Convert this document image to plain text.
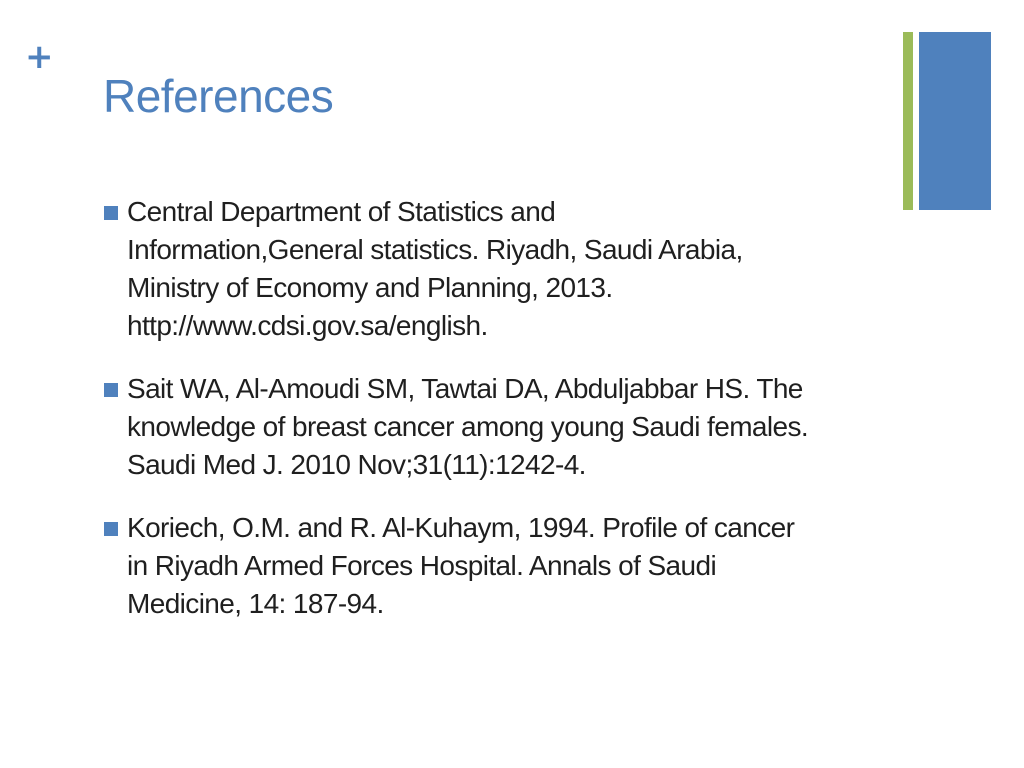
+
References
Central Department of Statistics and
Information,General statistics. Riyadh, Saudi Arabia,
Ministry of Economy and Planning, 2013.
http://www.cdsi.gov.sa/english.
Sait WA, Al-Amoudi SM, Tawtai DA, Abduljabbar HS. The
knowledge of breast cancer among young Saudi females.
Saudi Med J. 2010 Nov;31(11):1242-4.
Koriech, O.M. and R. Al-Kuhaym, 1994. Profile of cancer
in Riyadh Armed Forces Hospital. Annals of Saudi
Medicine, 14: 187-94.
